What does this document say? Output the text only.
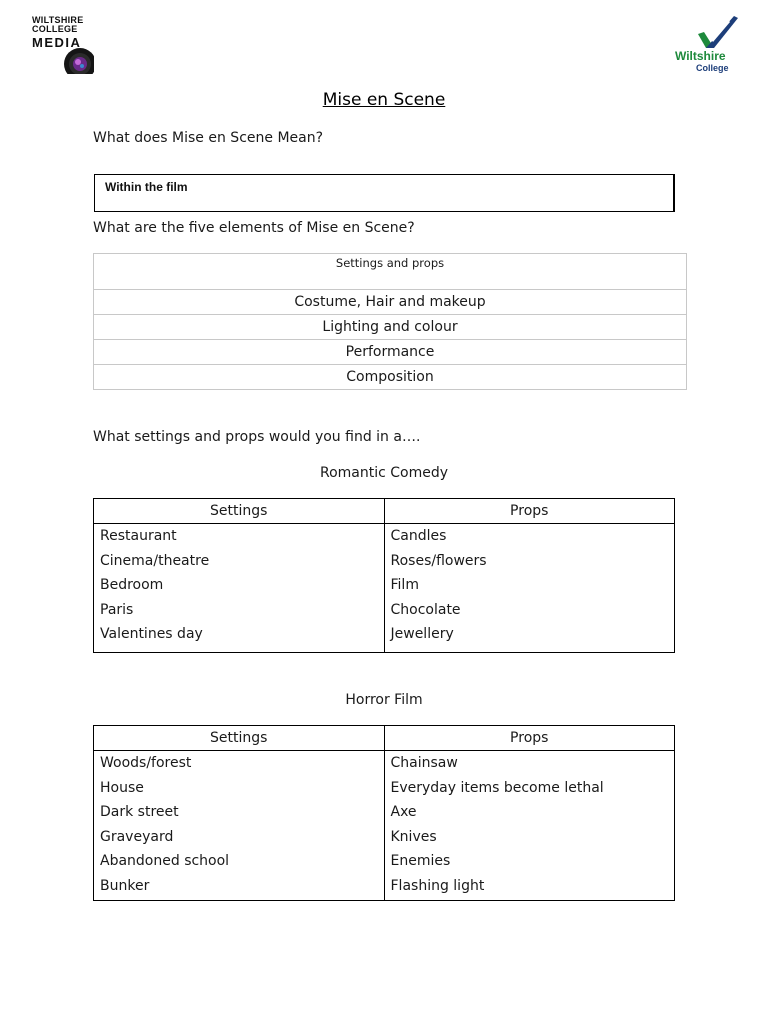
WILTSHIRE
COLLEGE
MEDIA
Wiltshire
College
Mise en Scene
What does Mise en Scene Mean?
Within the film
What are the five elements of Mise en Scene?
Settings and props
Costume, Hair and makeup
Lighting and colour
Performance
Composition
What settings and props would you find in a….
Romantic Comedy
Settings	Props
Restaurant	Candles
Cinema/theatre	Roses/flowers
Bedroom	Film
Paris	Chocolate
Valentines day	Jewellery
Horror Film
Settings	Props
Woods/forest	Chainsaw
House	Everyday items become lethal
Dark street	Axe
Graveyard	Knives
Abandoned school	Enemies
Bunker	Flashing light
